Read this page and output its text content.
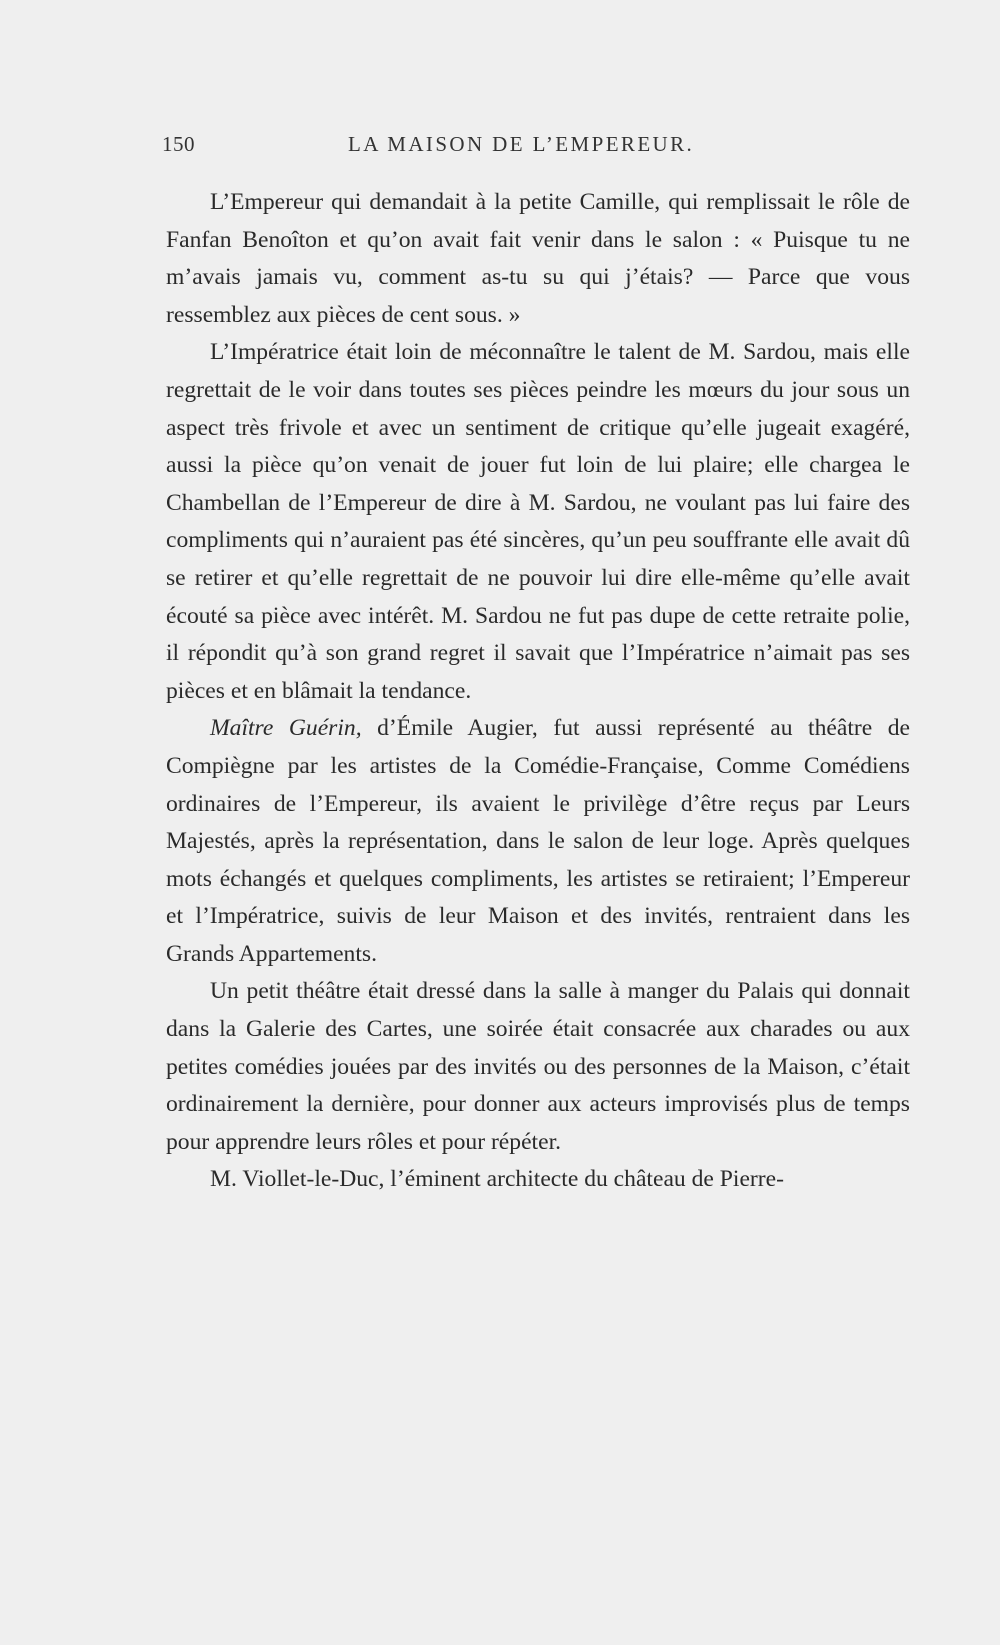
150	LA MAISON DE L’EMPEREUR.

L’Empereur qui demandait à la petite Camille, qui remplissait le rôle de Fanfan Benoîton et qu’on avait fait venir dans le salon : « Puisque tu ne m’avais jamais vu, comment as-tu su qui j’étais? — Parce que vous ressemblez aux pièces de cent sous. »

L’Impératrice était loin de méconnaître le talent de M. Sardou, mais elle regrettait de le voir dans toutes ses pièces peindre les mœurs du jour sous un aspect très frivole et avec un sentiment de critique qu’elle jugeait exagéré, aussi la pièce qu’on venait de jouer fut loin de lui plaire; elle chargea le Chambellan de l’Empereur de dire à M. Sardou, ne voulant pas lui faire des compliments qui n’auraient pas été sincères, qu’un peu souffrante elle avait dû se retirer et qu’elle regrettait de ne pouvoir lui dire elle-même qu’elle avait écouté sa pièce avec intérêt. M. Sardou ne fut pas dupe de cette retraite polie, il répondit qu’à son grand regret il savait que l’Impératrice n’aimait pas ses pièces et en blâmait la tendance.

Maître Guérin, d’Émile Augier, fut aussi représenté au théâtre de Compiègne par les artistes de la Comédie-Française, Comme Comédiens ordinaires de l’Empereur, ils avaient le privilège d’être reçus par Leurs Majestés, après la représentation, dans le salon de leur loge. Après quelques mots échangés et quelques compliments, les artistes se retiraient; l’Empereur et l’Impératrice, suivis de leur Maison et des invités, rentraient dans les Grands Appartements.

Un petit théâtre était dressé dans la salle à manger du Palais qui donnait dans la Galerie des Cartes, une soirée était consacrée aux charades ou aux petites comédies jouées par des invités ou des personnes de la Maison, c’était ordinairement la dernière, pour donner aux acteurs improvisés plus de temps pour apprendre leurs rôles et pour répéter.

M. Viollet-le-Duc, l’éminent architecte du château de Pierre-
